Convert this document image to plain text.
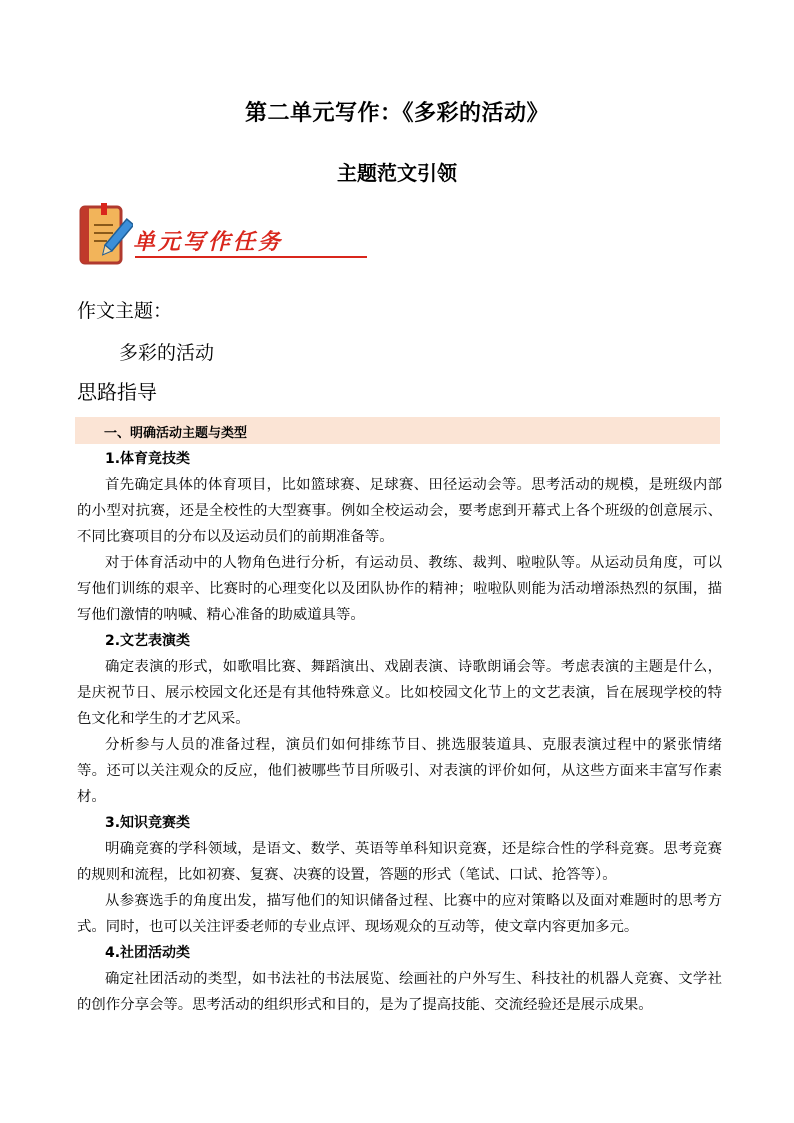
第二单元写作：《多彩的活动》
主题范文引领
单元写作任务
作文主题：
多彩的活动
思路指导
一、明确活动主题与类型
1.体育竞技类

首先确定具体的体育项目，比如篮球赛、足球赛、田径运动会等。思考活动的规模，是班级内部的小型对抗赛，还是全校性的大型赛事。例如全校运动会，要考虑到开幕式上各个班级的创意展示、不同比赛项目的分布以及运动员们的前期准备等。

对于体育活动中的人物角色进行分析，有运动员、教练、裁判、啦啦队等。从运动员角度，可以写他们训练的艰辛、比赛时的心理变化以及团队协作的精神；啦啦队则能为活动增添热烈的氛围，描写他们激情的呐喊、精心准备的助威道具等。

2.文艺表演类

确定表演的形式，如歌唱比赛、舞蹈演出、戏剧表演、诗歌朗诵会等。考虑表演的主题是什么，是庆祝节日、展示校园文化还是有其他特殊意义。比如校园文化节上的文艺表演，旨在展现学校的特色文化和学生的才艺风采。

分析参与人员的准备过程，演员们如何排练节目、挑选服装道具、克服表演过程中的紧张情绪等。还可以关注观众的反应，他们被哪些节目所吸引、对表演的评价如何，从这些方面来丰富写作素材。

3.知识竞赛类

明确竞赛的学科领域，是语文、数学、英语等单科知识竞赛，还是综合性的学科竞赛。思考竞赛的规则和流程，比如初赛、复赛、决赛的设置，答题的形式（笔试、口试、抢答等）。

从参赛选手的角度出发，描写他们的知识储备过程、比赛中的应对策略以及面对难题时的思考方式。同时，也可以关注评委老师的专业点评、现场观众的互动等，使文章内容更加多元。

4.社团活动类

确定社团活动的类型，如书法社的书法展览、绘画社的户外写生、科技社的机器人竞赛、文学社的创作分享会等。思考活动的组织形式和目的，是为了提高技能、交流经验还是展示成果。
